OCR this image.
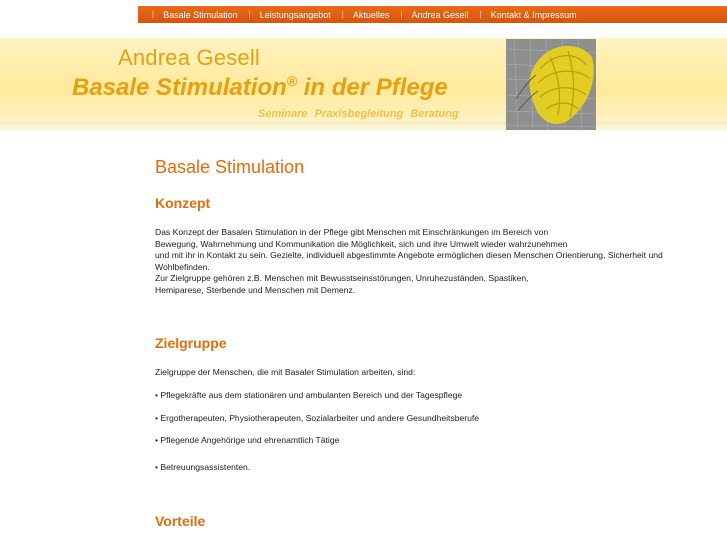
| Basale Stimulation | Leistungsangebot | Aktuelles | Andrea Gesell | Kontakt & Impressum
Andrea Gesell
Basale Stimulation® in der Pflege
Seminare Praxisbegleitung Beratung
Basale Stimulation
Konzept
Das Konzept der Basalen Stimulation in der Pflege gibt Menschen mit Einschränkungen im Bereich von
Bewegung, Wahrnehmung und Kommunikation die Möglichkeit, sich und ihre Umwelt wieder wahrzunehmen
und mit ihr in Kontakt zu sein. Gezielte, individuell abgestimmte Angebote ermöglichen diesen Menschen Orientierung, Sicherheit und Wohlbefinden.
Zur Zielgruppe gehören z.B. Menschen mit Bewusstseinsstörungen, Unruhezuständen, Spastiken,
Hemiparese, Sterbende und Menschen mit Demenz.
Zielgruppe
Zielgruppe der Menschen, die mit Basaler Stimulation arbeiten, sind:
• Pflegekräfte aus dem stationären und ambulanten Bereich und der Tagespflege
• Ergotherapeuten, Physiotherapeuten, Sozialarbeiter und andere Gesundheitsberufe
• Pflegende Angehörige und ehrenamtlich Tätige
• Betreuungsassistenten.
Vorteile
